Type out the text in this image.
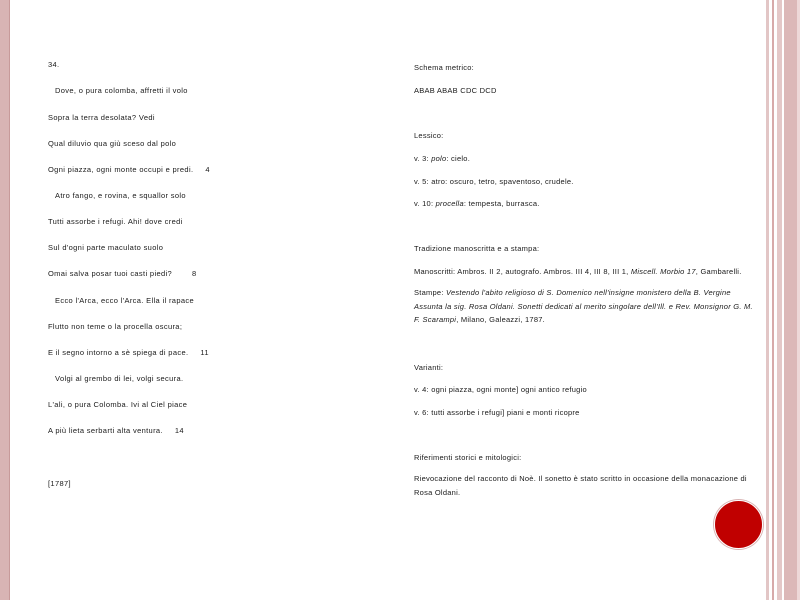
34.
Dove, o pura colomba, affretti il volo
Sopra la terra desolata? Vedi
Qual diluvio qua giù sceso dal polo
Ogni piazza, ogni monte occupi e predi. 4
Atro fango, e rovina, e squallor solo
Tutti assorbe i refugi. Ahi! dove credi
Sul d'ogni parte maculato suolo
Omai salva posar tuoi casti piedi?	8
Ecco l'Arca, ecco l'Arca. Ella il rapace
Flutto non teme o la procella oscura;
E il segno intorno a sè spiega di pace. 11
Volgi al grembo di lei, volgi secura.
L'ali, o pura Colomba. Ivi al Ciel piace
A più lieta serbarti alta ventura. 14
[1787]
Schema metrico:
ABAB ABAB CDC DCD
Lessico:
v. 3: polo: cielo.
v. 5: atro: oscuro, tetro, spaventoso, crudele.
v. 10: procella: tempesta, burrasca.
Tradizione manoscritta e a stampa:
Manoscritti: Ambros. II 2, autografo. Ambros. III 4, III 8, III 1, Miscell. Morbio 17, Gambarelli.
Stampe: Vestendo l'abito religioso di S. Domenico nell'insigne monistero della B. Vergine Assunta la sig. Rosa Oldani. Sonetti dedicati al merito singolare dell'Ill. e Rev. Monsignor G. M. F. Scarampi, Milano, Galeazzi, 1787.
Varianti:
v. 4: ogni piazza, ogni monte] ogni antico refugio
v. 6: tutti assorbe i refugi] piani e monti ricopre
Riferimenti storici e mitologici:
Rievocazione del racconto di Noè. Il sonetto è stato scritto in occasione della monacazione di Rosa Oldani.
